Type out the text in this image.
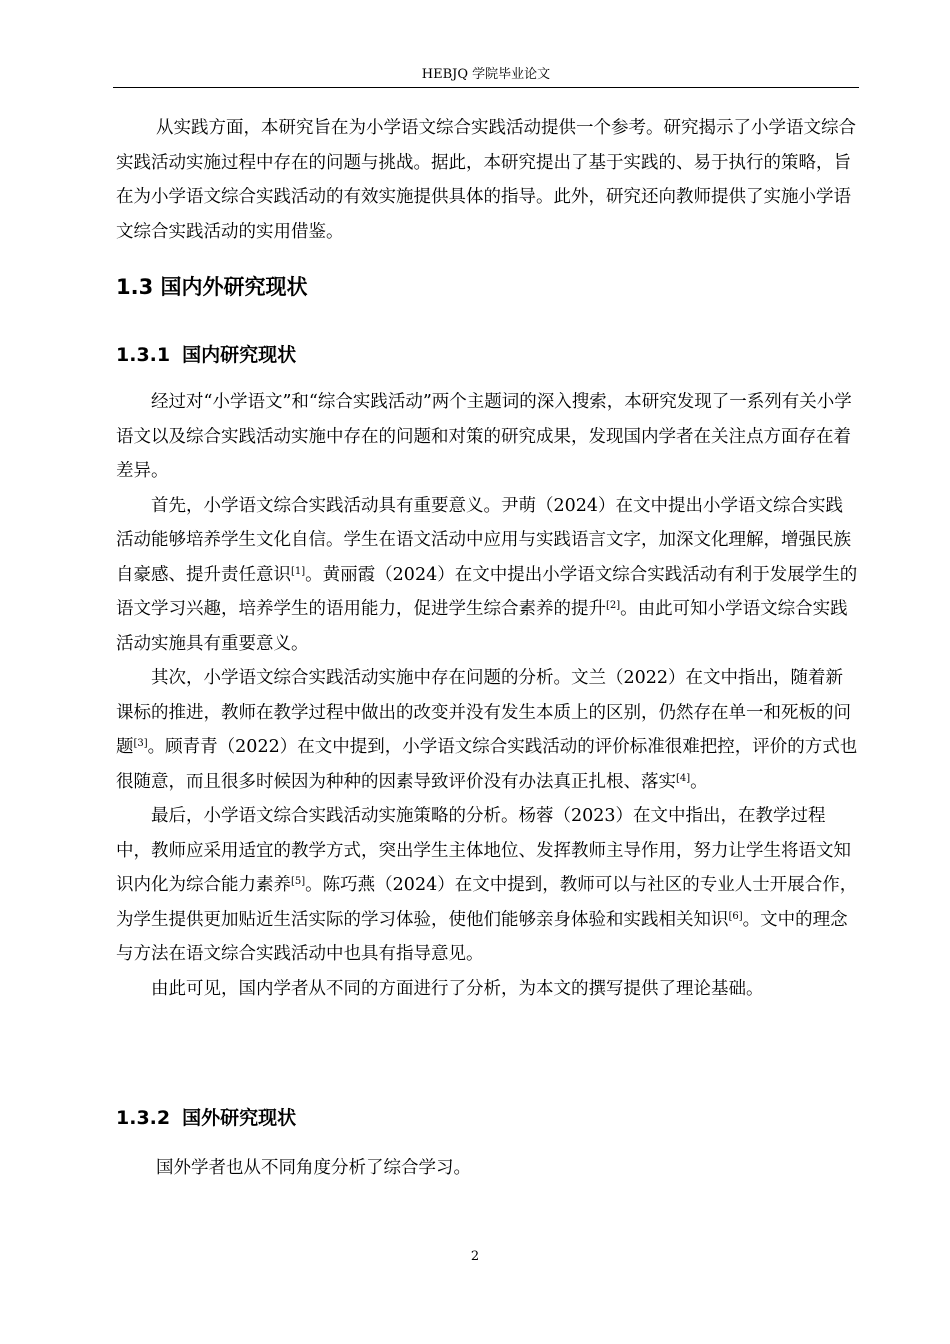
HEBJQ 学院毕业论文

从实践方面，本研究旨在为小学语文综合实践活动提供一个参考。研究揭示了小学语文综合实践活动实施过程中存在的问题与挑战。据此，本研究提出了基于实践的、易于执行的策略，旨在为小学语文综合实践活动的有效实施提供具体的指导。此外，研究还向教师提供了实施小学语文综合实践活动的实用借鉴。

1.3 国内外研究现状
1.3.1 国内研究现状

经过对“小学语文”和“综合实践活动”两个主题词的深入搜索，本研究发现了一系列有关小学语文以及综合实践活动实施中存在的问题和对策的研究成果，发现国内学者在关注点方面存在着差异。

首先，小学语文综合实践活动具有重要意义。尹萌（2024）在文中提出小学语文综合实践活动能够培养学生文化自信。学生在语文活动中应用与实践语言文字，加深文化理解，增强民族自豪感、提升责任意识[1]。黄丽霞（2024）在文中提出小学语文综合实践活动有利于发展学生的语文学习兴趣，培养学生的语用能力，促进学生综合素养的提升[2]。由此可知小学语文综合实践活动实施具有重要意义。

其次，小学语文综合实践活动实施中存在问题的分析。文兰（2022）在文中指出，随着新课标的推进，教师在教学过程中做出的改变并没有发生本质上的区别，仍然存在单一和死板的问题[3]。顾青青（2022）在文中提到，小学语文综合实践活动的评价标准很难把控，评价的方式也很随意，而且很多时候因为种种的因素导致评价没有办法真正扎根、落实[4]。

最后，小学语文综合实践活动实施策略的分析。杨蓉（2023）在文中指出，在教学过程中，教师应采用适宜的教学方式，突出学生主体地位、发挥教师主导作用，努力让学生将语文知识内化为综合能力素养[5]。陈巧燕（2024）在文中提到，教师可以与社区的专业人士开展合作，为学生提供更加贴近生活实际的学习体验，使他们能够亲身体验和实践相关知识[6]。文中的理念与方法在语文综合实践活动中也具有指导意见。

由此可见，国内学者从不同的方面进行了分析，为本文的撰写提供了理论基础。

1.3.2 国外研究现状

国外学者也从不同角度分析了综合学习。

2
